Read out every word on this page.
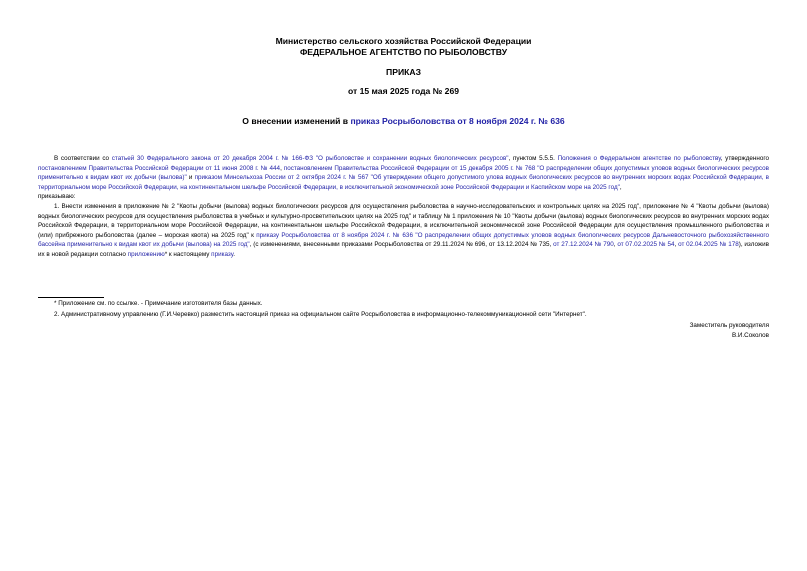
Министерство сельского хозяйства Российской Федерации
ФЕДЕРАЛЬНОЕ АГЕНТСТВО ПО РЫБОЛОВСТВУ
ПРИКАЗ
от 15 мая 2025 года № 269
О внесении изменений в приказ Росрыболовства от 8 ноября 2024 г. № 636

В соответствии со статьей 30 Федерального закона от 20 декабря 2004 г. № 166-ФЗ "О рыболовстве и сохранении водных биологических ресурсов", пунктом 5.5.5. Положения о Федеральном агентстве по рыболовству, утвержденного постановлением Правительства Российской Федерации от 11 июня 2008 г. № 444, постановлением Правительства Российской Федерации от 15 декабря 2005 г. № 768 "О распределении общих допустимых уловов водных биологических ресурсов применительно к видам квот их добычи (вылова)" и приказом Минсельхоза России от 2 октября 2024 г. № 567 "Об утверждении общего допустимого улова водных биологических ресурсов во внутренних морских водах Российской Федерации, в территориальном море Российской Федерации, на континентальном шельфе Российской Федерации, в исключительной экономической зоне Российской Федерации и Каспийском море на 2025 год",

приказываю:

1. Внести изменения в приложение № 2 "Квоты добычи (вылова) водных биологических ресурсов для осуществления рыболовства в научно-исследовательских и контрольных целях на 2025 год", приложение № 4 "Квоты добычи (вылова) водных биологических ресурсов для осуществления рыболовства в учебных и культурно-просветительских целях на 2025 год" и таблицу № 1 приложения № 10 "Квоты добычи (вылова) водных биологических ресурсов во внутренних морских водах Российской Федерации, в территориальном море Российской Федерации, на континентальном шельфе Российской Федерации, в исключительной экономической зоне Российской Федерации для осуществления промышленного рыболовства и (или) прибрежного рыболовства (далее – морская квота) на 2025 год" к приказу Росрыболовства от 8 ноября 2024 г. № 636 "О распределении общих допустимых уловов водных биологических ресурсов Дальневосточного рыбохозяйственного бассейна применительно к видам квот их добычи (вылова) на 2025 год", (с изменениями, внесенными приказами Росрыболовства от 29.11.2024 № 696, от 13.12.2024 № 735, от 27.12.2024 № 790, от 07.02.2025 № 54, от 02.04.2025 № 178), изложив их в новой редакции согласно приложению* к настоящему приказу.

* Приложение см. по ссылке. - Примечание изготовителя базы данных.

2. Административному управлению (Г.И.Черевко) разместить настоящий приказ на официальном сайте Росрыболовства в информационно-телекоммуникационной сети "Интернет".

Заместитель руководителя
В.И.Соколов
